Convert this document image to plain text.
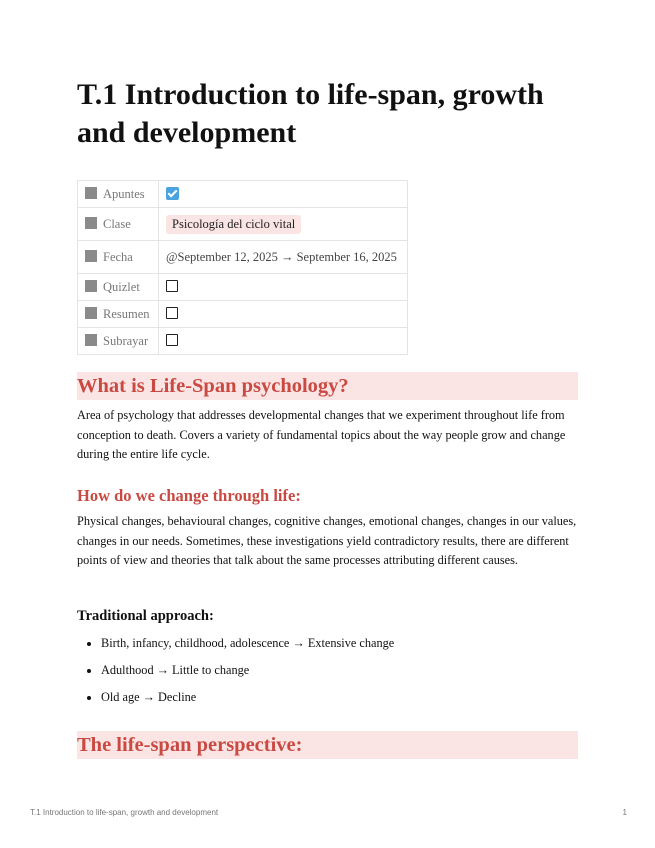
T.1 Introduction to life-span, growth and development
Apuntes	
Clase	Psicología del ciclo vital
Fecha	@September 12, 2025 → September 16, 2025
Quizlet	
Resumen	
Subrayar	
What is Life-Span psychology?

Area of psychology that addresses developmental changes that we experiment throughout life from conception to death. Covers a variety of fundamental topics about the way people grow and change during the entire life cycle.

How do we change through life:

Physical changes, behavioural changes, cognitive changes, emotional changes, changes in our values, changes in our needs. Sometimes, these investigations yield contradictory results, there are different points of view and theories that talk about the same processes attributing different causes.

Traditional approach:
• Birth, infancy, childhood, adolescence → Extensive change
• Adulthood → Little to change
• Old age → Decline
The life-span perspective:
T.1 Introduction to life-span, growth and development	1
